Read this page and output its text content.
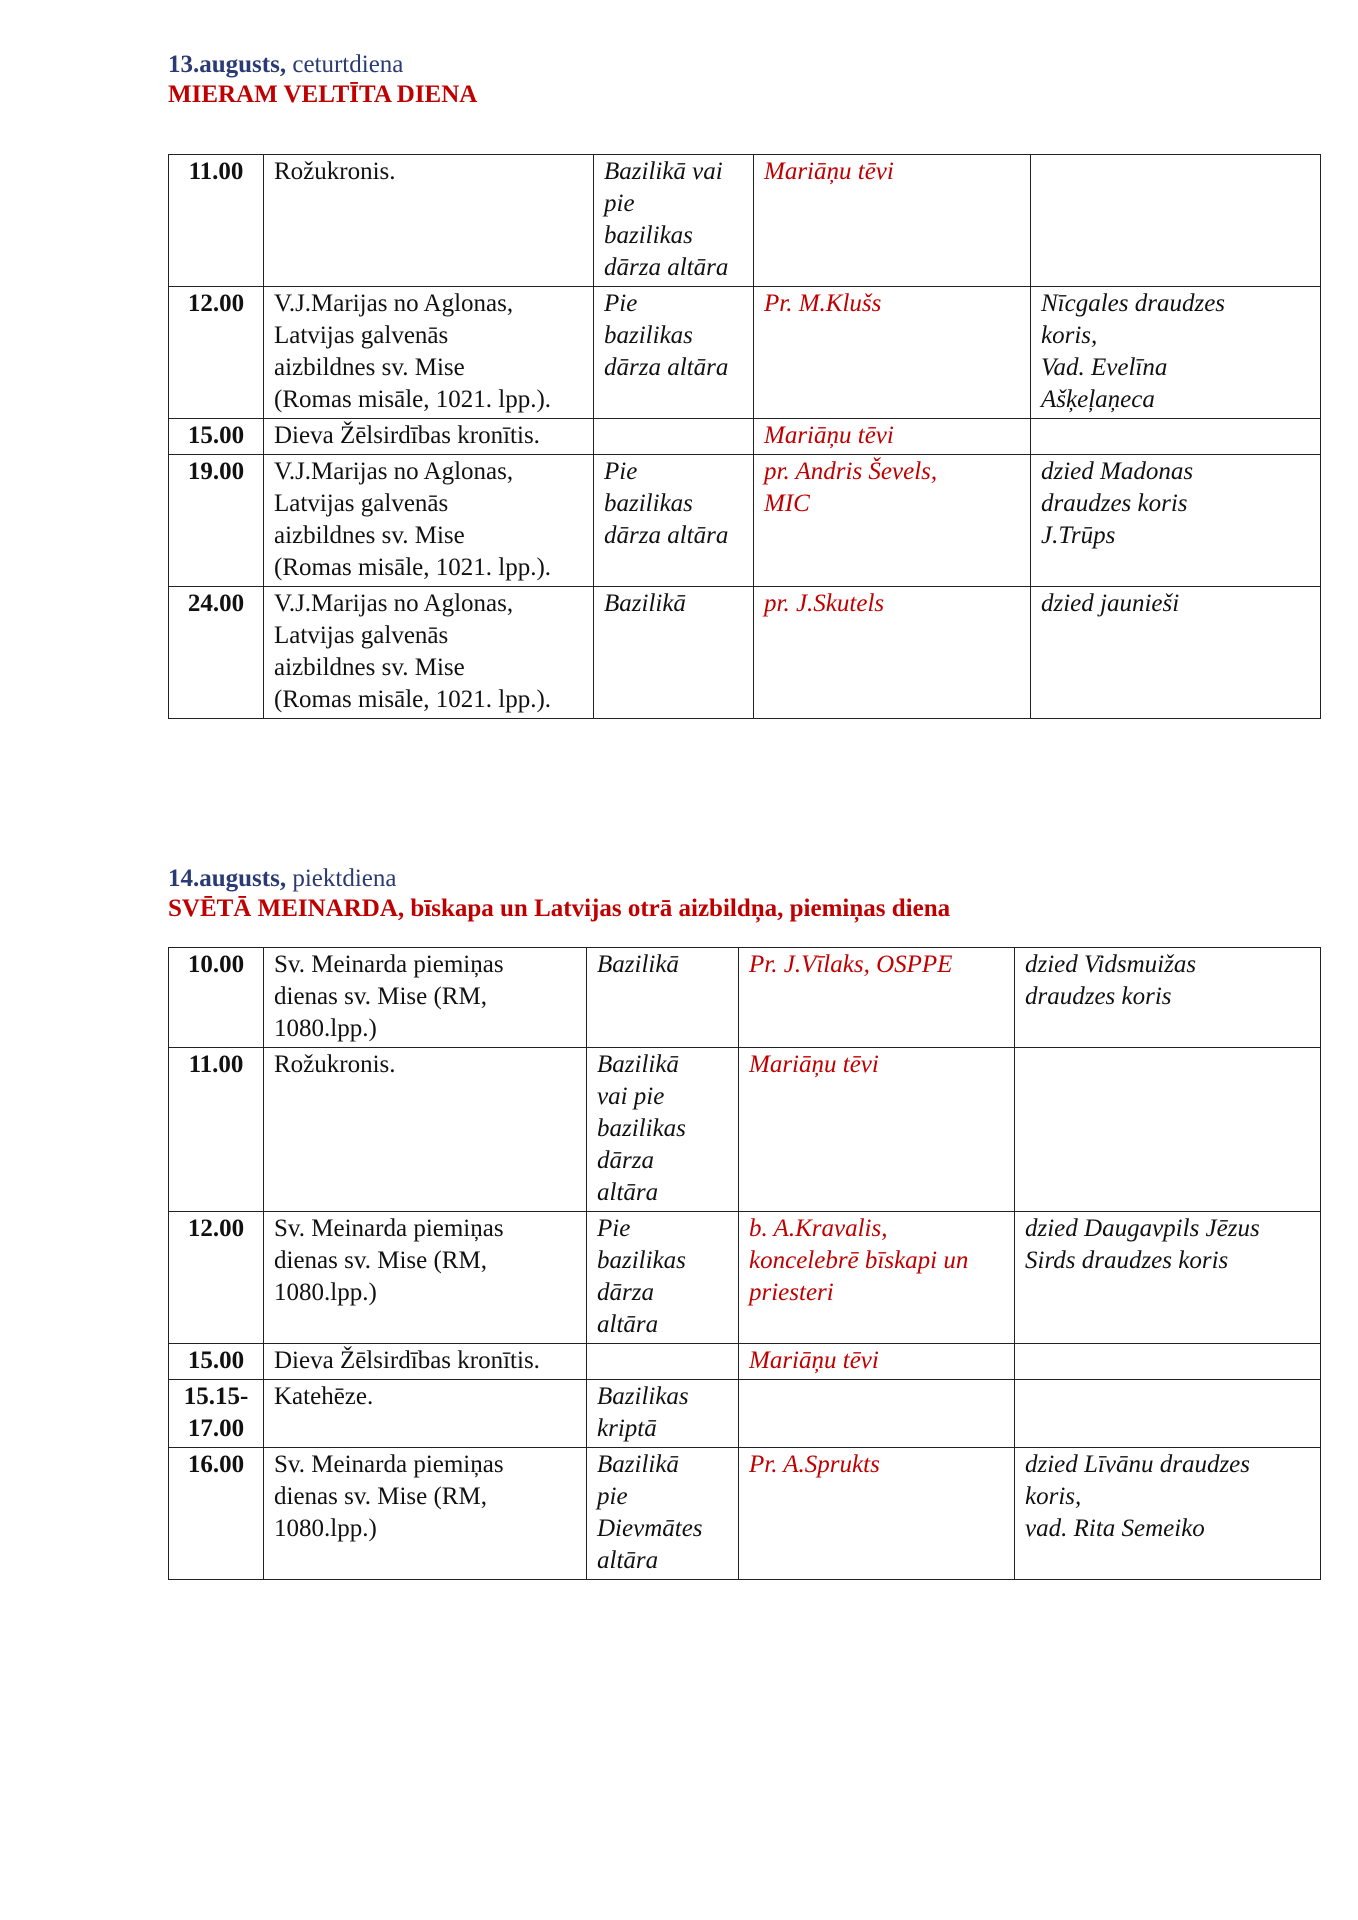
13.augusts, ceturtdiena
MIERAM VELTĪTA DIENA
11.00	Rožukronis.	Bazilikā vai
pie
bazilikas
dārza altāra	Mariāņu tēvi	

12.00	V.J.Marijas no Aglonas,
Latvijas galvenās
aizbildnes sv. Mise
(Romas misāle, 1021. lpp.).	Pie
bazilikas
dārza altāra	Pr. M.Klušs	Nīcgales draudzes
koris,
Vad. Evelīna
Ašķeļaņeca

15.00	Dieva Žēlsirdības kronītis.		Mariāņu tēvi	

19.00	V.J.Marijas no Aglonas,
Latvijas galvenās
aizbildnes sv. Mise
(Romas misāle, 1021. lpp.).	Pie
bazilikas
dārza altāra	pr. Andris Ševels,
MIC	dzied Madonas
draudzes koris
J.Trūps

24.00	V.J.Marijas no Aglonas,
Latvijas galvenās
aizbildnes sv. Mise
(Romas misāle, 1021. lpp.).	Bazilikā	pr. J.Skutels	dzied jaunieši
14.augusts, piektdiena
SVĒTĀ MEINARDA, bīskapa un Latvijas otrā aizbildņa, piemiņas diena
10.00	Sv. Meinarda piemiņas
dienas sv. Mise (RM,
1080.lpp.)	Bazilikā	Pr. J.Vīlaks, OSPPE	dzied Vidsmuižas
draudzes koris

11.00	Rožukronis.	Bazilikā
vai pie
bazilikas
dārza
altāra	Mariāņu tēvi	

12.00	Sv. Meinarda piemiņas
dienas sv. Mise (RM,
1080.lpp.)	Pie
bazilikas
dārza
altāra	b. A.Kravalis,
koncelebrē bīskapi un
priesteri	dzied Daugavpils Jēzus
Sirds draudzes koris

15.00	Dieva Žēlsirdības kronītis.		Mariāņu tēvi	

15.15-
17.00	Katehēze.	Bazilikas
kriptā		

16.00	Sv. Meinarda piemiņas
dienas sv. Mise (RM,
1080.lpp.)	Bazilikā
pie
Dievmātes
altāra	Pr. A.Sprukts	dzied Līvānu draudzes
koris,
vad. Rita Semeiko
